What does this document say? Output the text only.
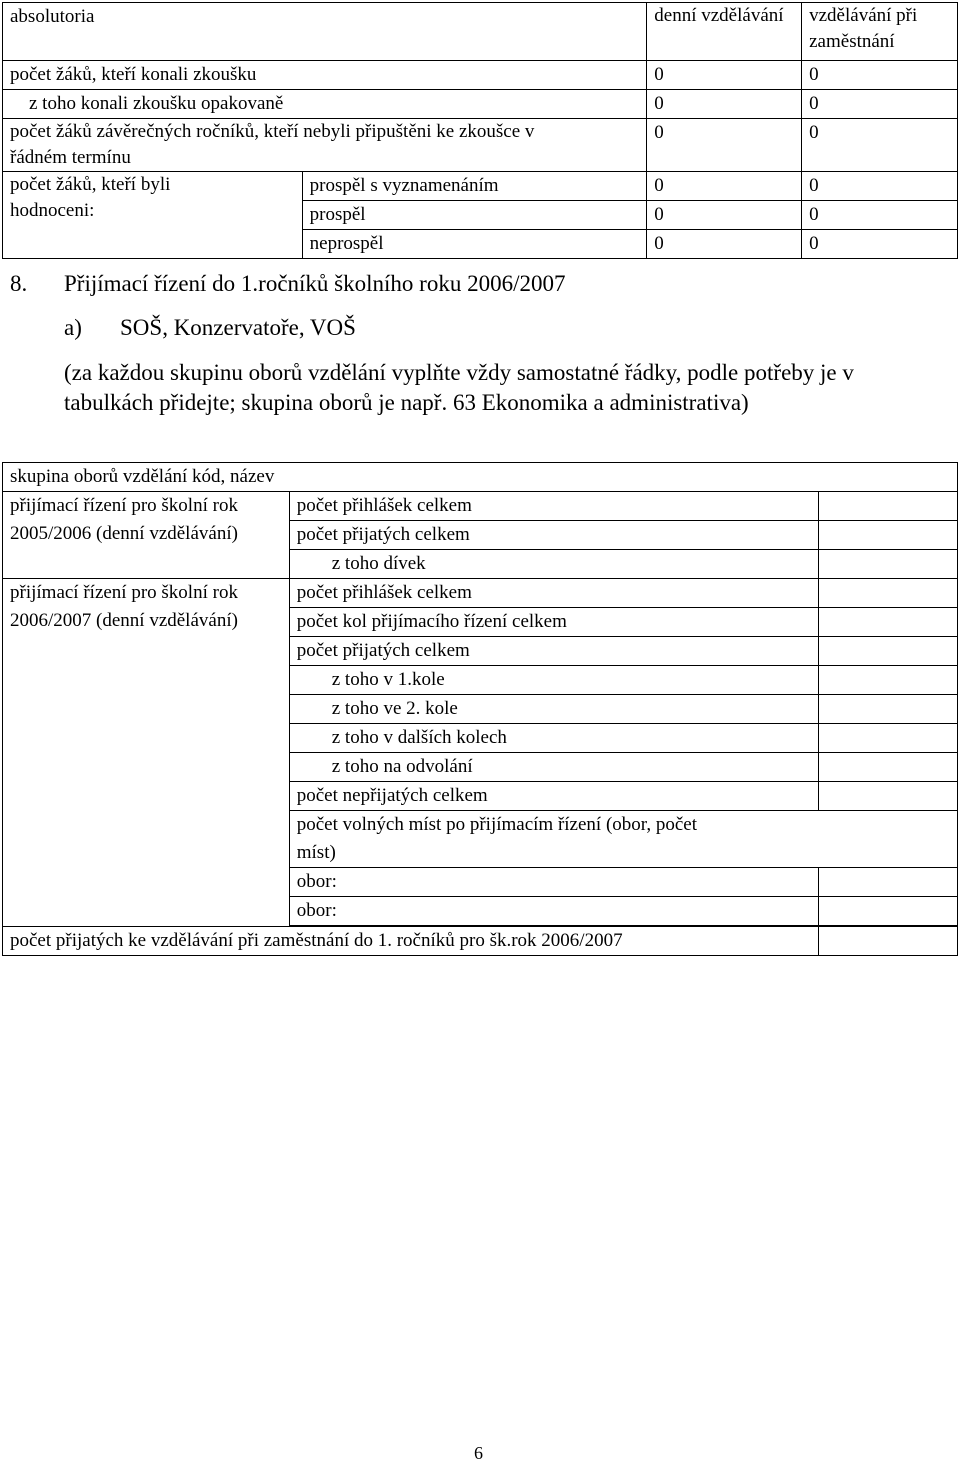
absolutoria		denní vzdělávání	vzdělávání při zaměstnání
počet žáků, kteří konali zkoušku		0	0
z toho konali zkoušku opakovaně		0	0
počet žáků závěrečných ročníků, kteří nebyli připuštěni ke zkoušce v řádném termínu		0	0
počet žáků, kteří byli hodnoceni:	prospěl s vyznamenáním	0	0
	prospěl	0	0
	neprospěl	0	0
8. Přijímací řízení do 1.ročníků školního roku 2006/2007
a) SOŠ, Konzervatoře, VOŠ
(za každou skupinu oborů vzdělání vyplňte vždy samostatné řádky, podle potřeby je v tabulkách přidejte; skupina oborů je např. 63 Ekonomika a administrativa)
skupina oborů vzdělání kód, název		
přijímací řízení pro školní rok 2005/2006 (denní vzdělávání)	počet přihlášek celkem	
	počet přijatých celkem	
	z toho dívek	
přijímací řízení pro školní rok 2006/2007 (denní vzdělávání)	počet přihlášek celkem	
	počet kol přijímacího řízení celkem	
	počet přijatých celkem	
	z toho v 1.kole	
	z toho ve 2. kole	
	z toho v dalších kolech	
	z toho na odvolání	
	počet nepřijatých celkem	
	počet volných míst po přijímacím řízení (obor, počet míst)	
	obor:	
	obor:	

počet přijatých ke vzdělávání při zaměstnání do 1. ročníků pro šk.rok 2006/2007		
6
